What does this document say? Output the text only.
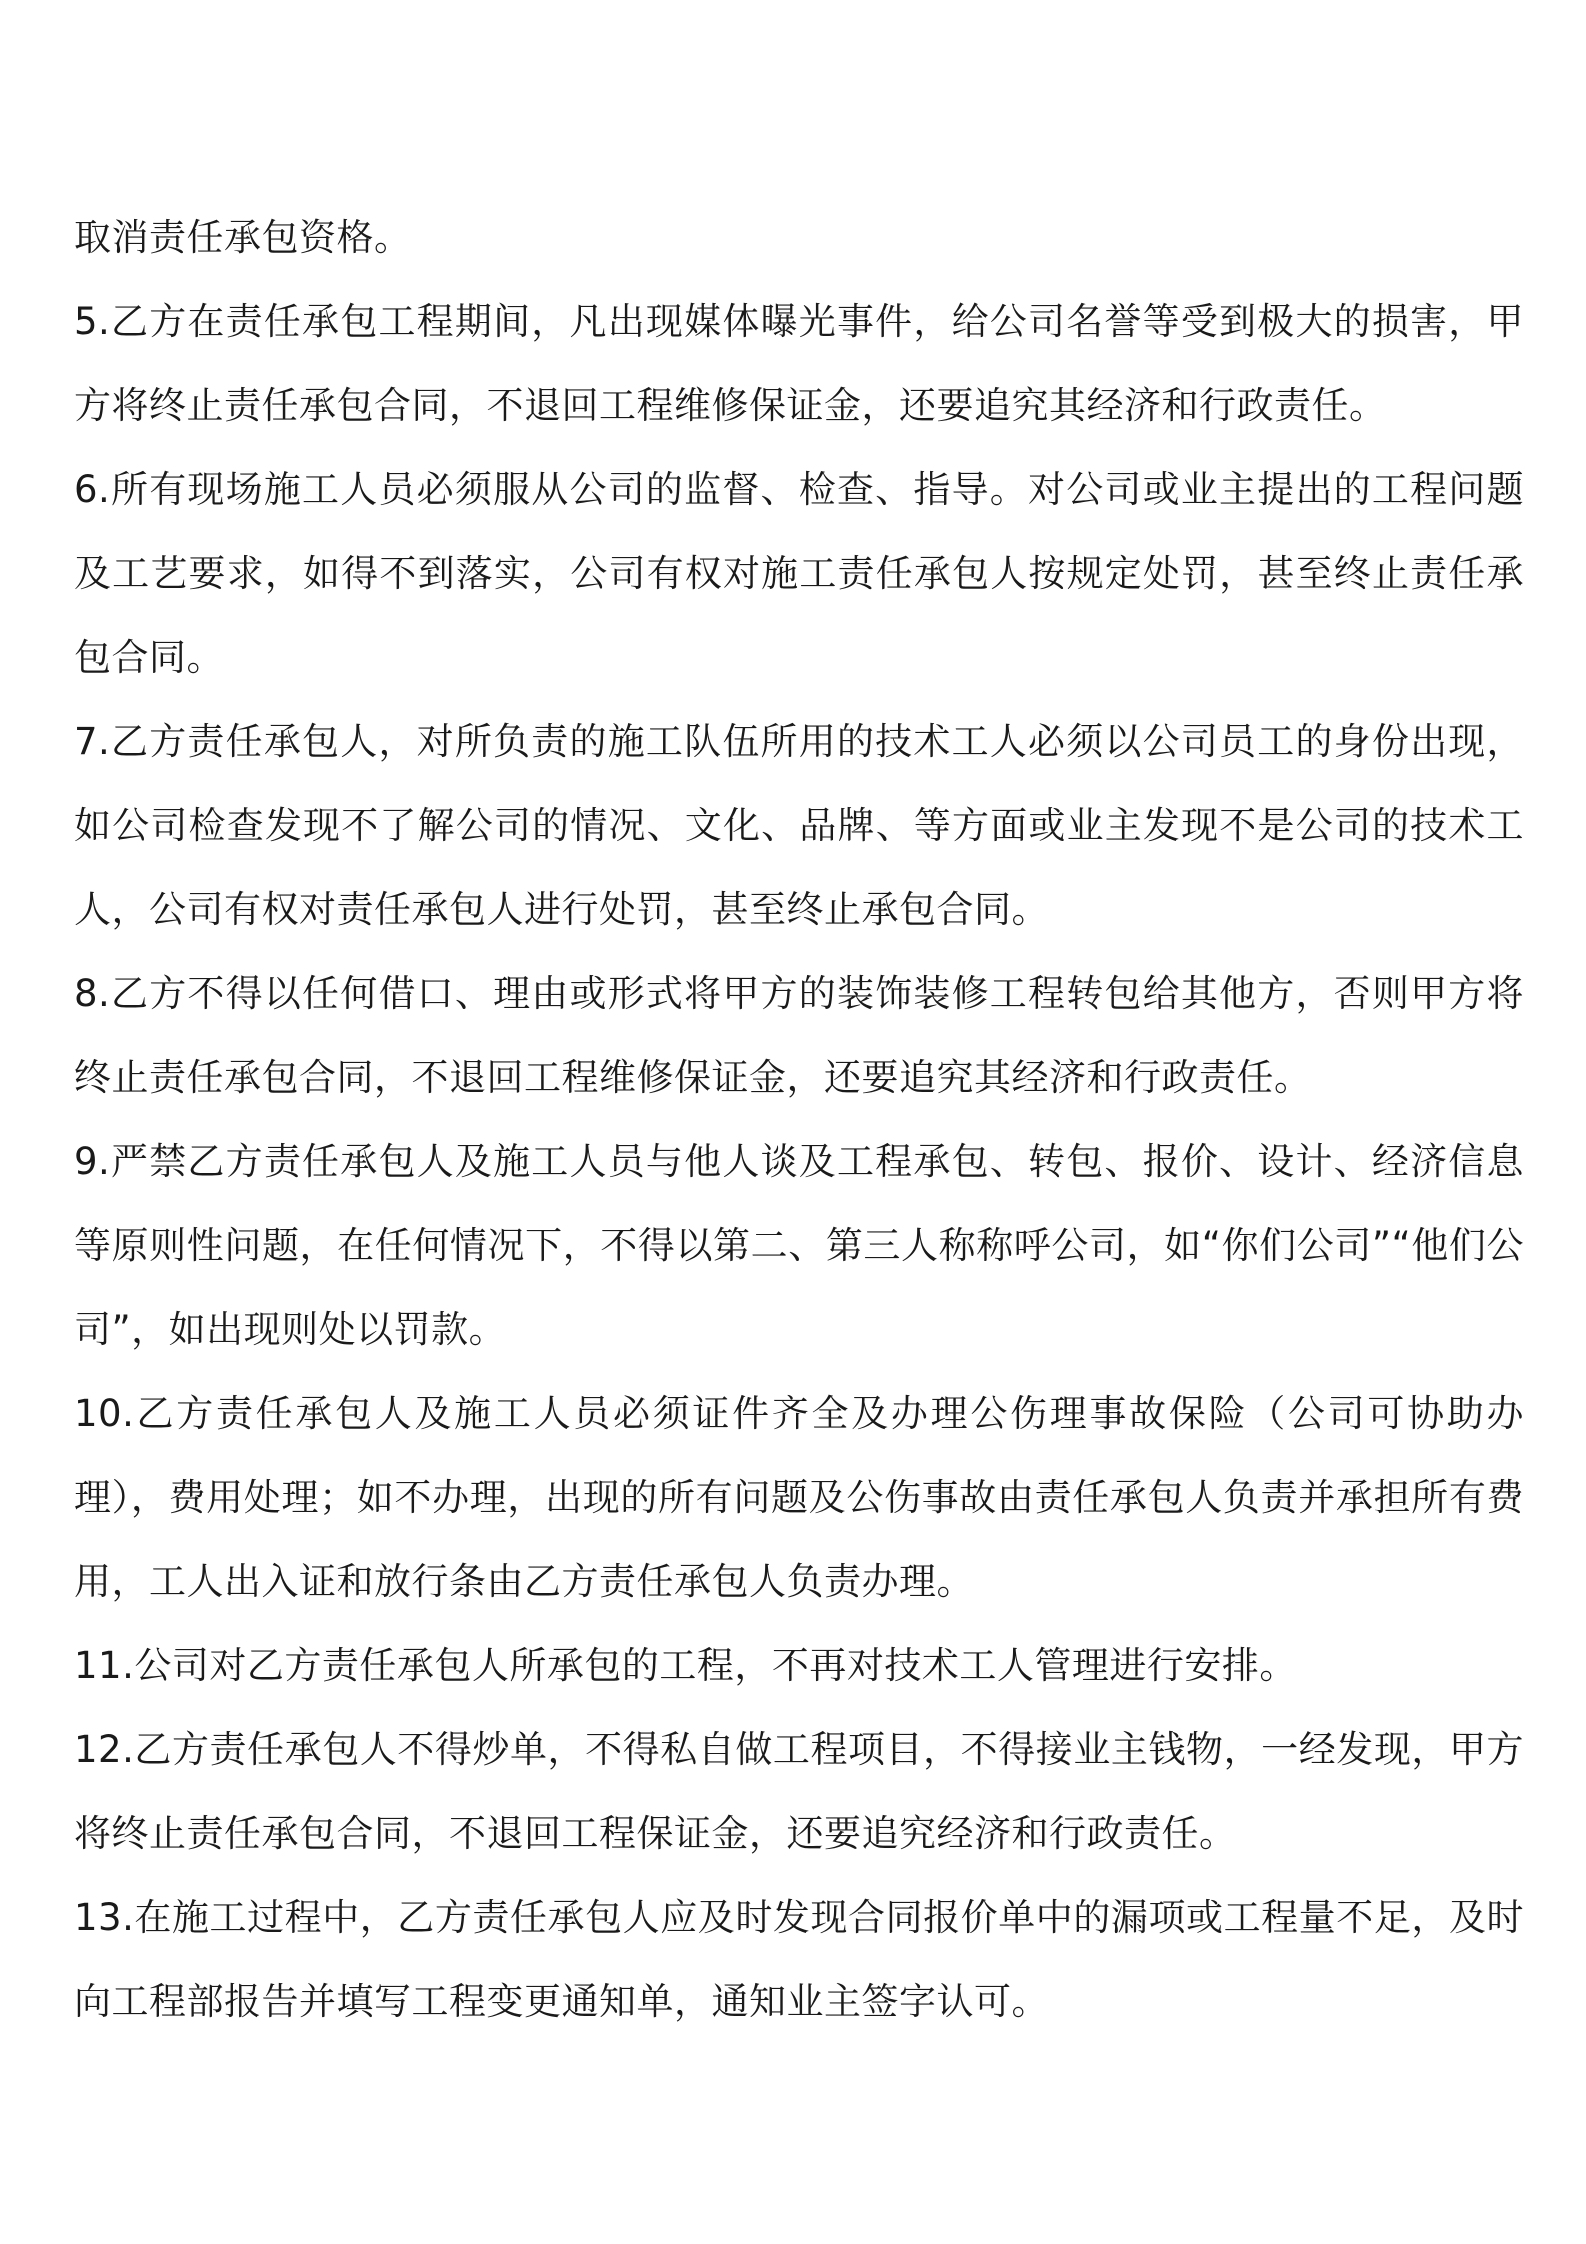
取消责任承包资格。

5.乙方在责任承包工程期间，凡出现媒体曝光事件，给公司名誉等受到极大的损害，甲方将终止责任承包合同，不退回工程维修保证金，还要追究其经济和行政责任。

6.所有现场施工人员必须服从公司的监督、检查、指导。对公司或业主提出的工程问题及工艺要求，如得不到落实，公司有权对施工责任承包人按规定处罚，甚至终止责任承包合同。

7.乙方责任承包人，对所负责的施工队伍所用的技术工人必须以公司员工的身份出现，如公司检查发现不了解公司的情况、文化、品牌、等方面或业主发现不是公司的技术工人，公司有权对责任承包人进行处罚，甚至终止承包合同。

8.乙方不得以任何借口、理由或形式将甲方的装饰装修工程转包给其他方，否则甲方将终止责任承包合同，不退回工程维修保证金，还要追究其经济和行政责任。

9.严禁乙方责任承包人及施工人员与他人谈及工程承包、转包、报价、设计、经济信息等原则性问题，在任何情况下，不得以第二、第三人称称呼公司，如“你们公司”“他们公司”，如出现则处以罚款。

10.乙方责任承包人及施工人员必须证件齐全及办理公伤理事故保险（公司可协助办理），费用处理；如不办理，出现的所有问题及公伤事故由责任承包人负责并承担所有费用，工人出入证和放行条由乙方责任承包人负责办理。

11.公司对乙方责任承包人所承包的工程，不再对技术工人管理进行安排。

12.乙方责任承包人不得炒单，不得私自做工程项目，不得接业主钱物，一经发现，甲方将终止责任承包合同，不退回工程保证金，还要追究经济和行政责任。

13.在施工过程中，乙方责任承包人应及时发现合同报价单中的漏项或工程量不足，及时向工程部报告并填写工程变更通知单，通知业主签字认可。
